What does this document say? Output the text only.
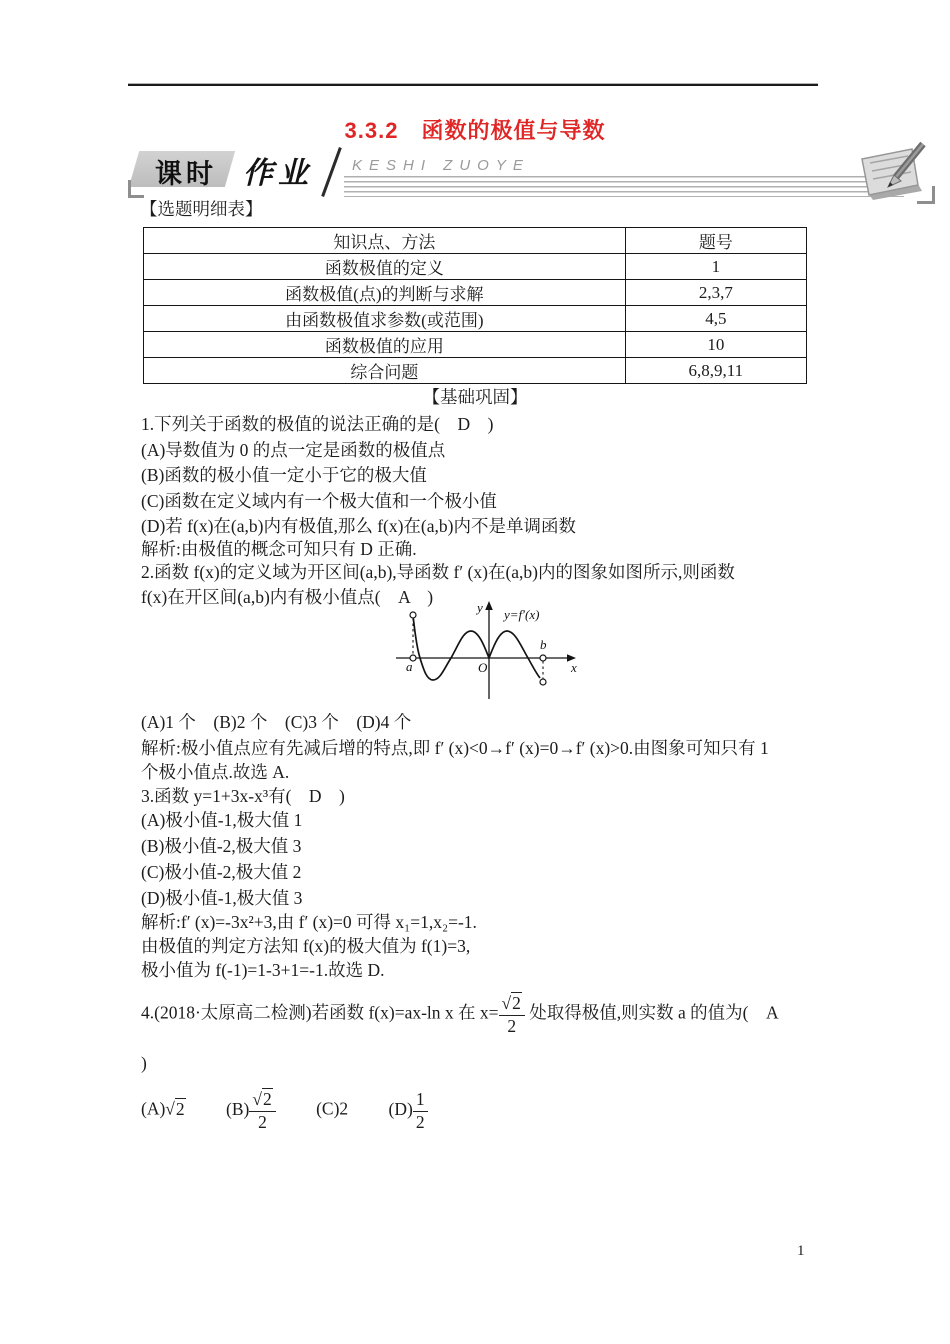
3.3.2　函数的极值与导数
课时 作业	KESHI ZUOYE
【选题明细表】
知识点、方法	题号
函数极值的定义	1
函数极值(点)的判断与求解	2,3,7
由函数极值求参数(或范围)	4,5
函数极值的应用	10
综合问题	6,8,9,11
【基础巩固】
1.下列关于函数的极值的说法正确的是(　D　)
(A)导数值为 0 的点一定是函数的极值点
(B)函数的极小值一定小于它的极大值
(C)函数在定义域内有一个极大值和一个极小值
(D)若 f(x)在(a,b)内有极值,那么 f(x)在(a,b)内不是单调函数
解析:由极值的概念可知只有 D 正确.
2.函数 f(x)的定义域为开区间(a,b),导函数 f′ (x)在(a,b)内的图象如图所示,则函数
f(x)在开区间(a,b)内有极小值点(　A　)
y
x
O
a
b
y=f′(x)
(A)1 个　(B)2 个　(C)3 个　(D)4 个
解析:极小值点应有先减后增的特点,即 f′ (x)<0→f′ (x)=0→f′ (x)>0.由图象可知只有 1
个极小值点.故选 A.
3.函数 y=1+3x-x³有(　D　)
(A)极小值-1,极大值 1
(B)极小值-2,极大值 3
(C)极小值-2,极大值 2
(D)极小值-1,极大值 3
解析:f′ (x)=-3x²+3,由 f′ (x)=0 可得 x₁=1,x₂=-1.
由极值的判定方法知 f(x)的极大值为 f(1)=3,
极小值为 f(-1)=1-3+1=-1.故选 D.
4.(2018·太原高二检测)若函数 f(x)=ax-ln x 在 $x= \frac{√2}{2}$ 处取得极值,则实数 a 的值为(　A
)
(A)√2 $(B) \frac{√2}{2} (C)2$ $(D) \frac{1}{2}$
1
